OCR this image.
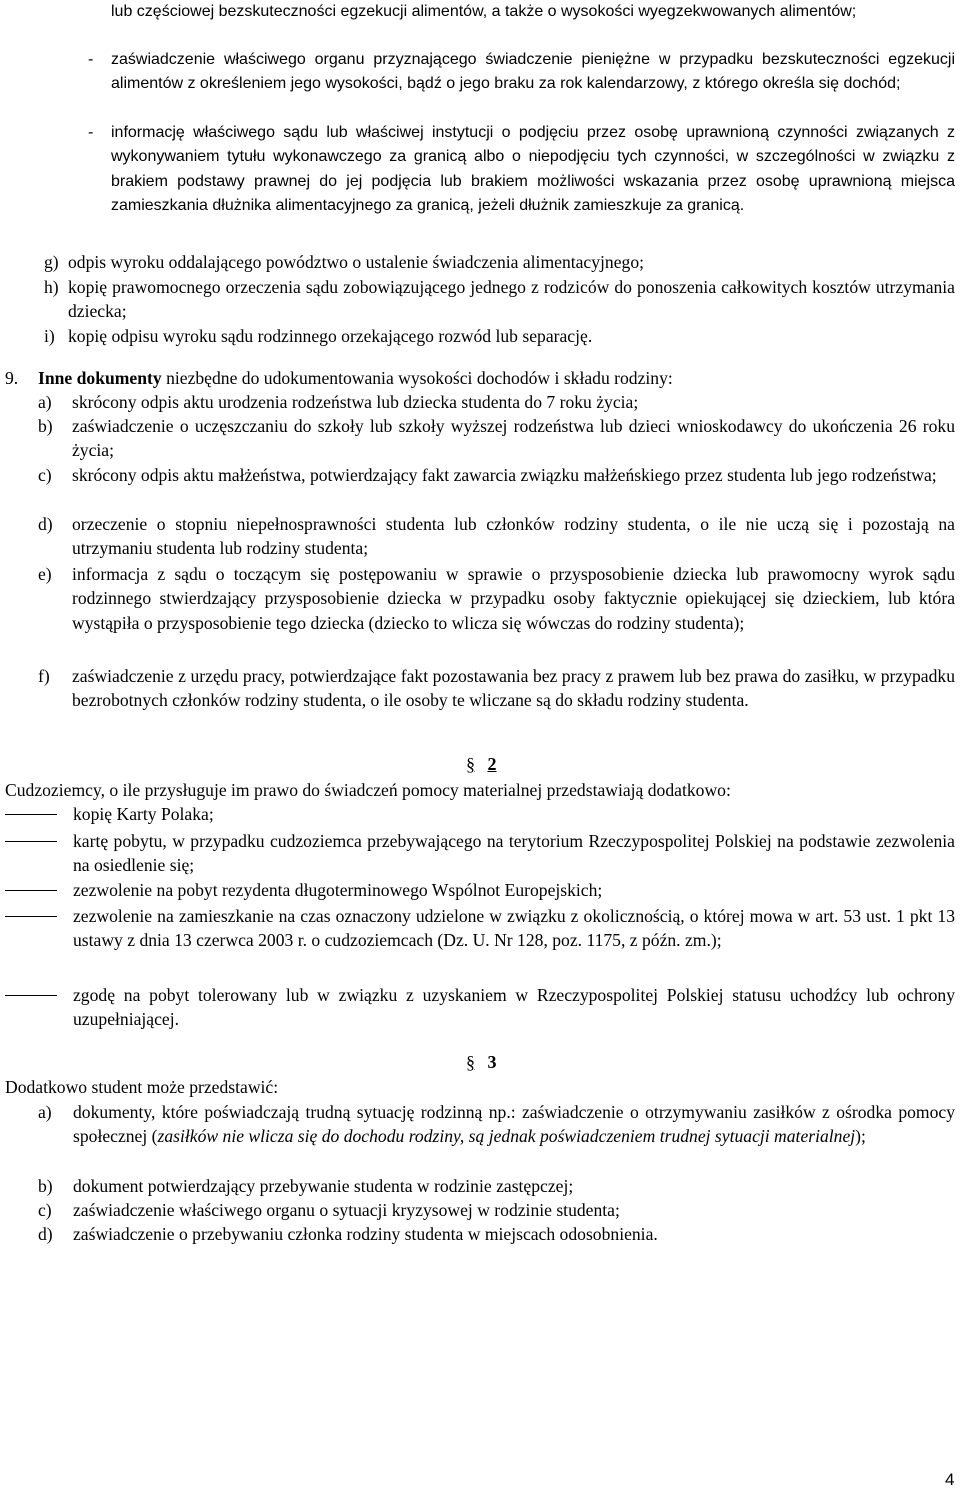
lub częściowej bezskuteczności egzekucji alimentów, a także o wysokości wyegzekwowanych alimentów;

- zaświadczenie właściwego organu przyznającego świadczenie pieniężne w przypadku bezskuteczności egzekucji alimentów z określeniem jego wysokości, bądź o jego braku za rok kalendarzowy, z którego określa się dochód;

- informację właściwego sądu lub właściwej instytucji o podjęciu przez osobę uprawnioną czynności związanych z wykonywaniem tytułu wykonawczego za granicą albo o niepodjęciu tych czynności, w szczególności w związku z brakiem podstawy prawnej do jej podjęcia lub brakiem możliwości wskazania przez osobę uprawnioną miejsca zamieszkania dłużnika alimentacyjnego za granicą, jeżeli dłużnik zamieszkuje za granicą.

g) odpis wyroku oddalającego powództwo o ustalenie świadczenia alimentacyjnego;

h) kopię prawomocnego orzeczenia sądu zobowiązującego jednego z rodziców do ponoszenia całkowitych kosztów utrzymania dziecka;

i) kopię odpisu wyroku sądu rodzinnego orzekającego rozwód lub separację.

9. Inne dokumenty niezbędne do udokumentowania wysokości dochodów i składu rodziny:

a) skrócony odpis aktu urodzenia rodzeństwa lub dziecka studenta do 7 roku życia;

b) zaświadczenie o uczęszczaniu do szkoły lub szkoły wyższej rodzeństwa lub dzieci wnioskodawcy do ukończenia 26 roku życia;

c) skrócony odpis aktu małżeństwa, potwierdzający fakt zawarcia związku małżeńskiego przez studenta lub jego rodzeństwa;

d) orzeczenie o stopniu niepełnosprawności studenta lub członków rodziny studenta, o ile nie uczą się i pozostają na utrzymaniu studenta lub rodziny studenta;

e) informacja z sądu o toczącym się postępowaniu w sprawie o przysposobienie dziecka lub prawomocny wyrok sądu rodzinnego stwierdzający przysposobienie dziecka w przypadku osoby faktycznie opiekującej się dzieckiem, lub która wystąpiła o przysposobienie tego dziecka (dziecko to wlicza się wówczas do rodziny studenta);

f) zaświadczenie z urzędu pracy, potwierdzające fakt pozostawania bez pracy z prawem lub bez prawa do zasiłku, w przypadku bezrobotnych członków rodziny studenta, o ile osoby te wliczane są do składu rodziny studenta.

§ 2

Cudzoziemcy, o ile przysługuje im prawo do świadczeń pomocy materialnej przedstawiają dodatkowo:

kopię Karty Polaka;

kartę pobytu, w przypadku cudzoziemca przebywającego na terytorium Rzeczypospolitej Polskiej na podstawie zezwolenia na osiedlenie się;

zezwolenie na pobyt rezydenta długoterminowego Wspólnot Europejskich;

zezwolenie na zamieszkanie na czas oznaczony udzielone w związku z okolicznością, o której mowa w art. 53 ust. 1 pkt 13 ustawy z dnia 13 czerwca 2003 r. o cudzoziemcach (Dz. U. Nr 128, poz. 1175, z późn. zm.);

zgodę na pobyt tolerowany lub w związku z uzyskaniem w Rzeczypospolitej Polskiej statusu uchodźcy lub ochrony uzupełniającej.

§ 3

Dodatkowo student może przedstawić:

a) dokumenty, które poświadczają trudną sytuację rodzinną np.: zaświadczenie o otrzymywaniu zasiłków z ośrodka pomocy społecznej (zasiłków nie wlicza się do dochodu rodziny, są jednak poświadczeniem trudnej sytuacji materialnej);

b) dokument potwierdzający przebywanie studenta w rodzinie zastępczej;

c) zaświadczenie właściwego organu o sytuacji kryzysowej w rodzinie studenta;

d) zaświadczenie o przebywaniu członka rodziny studenta w miejscach odosobnienia.

4
